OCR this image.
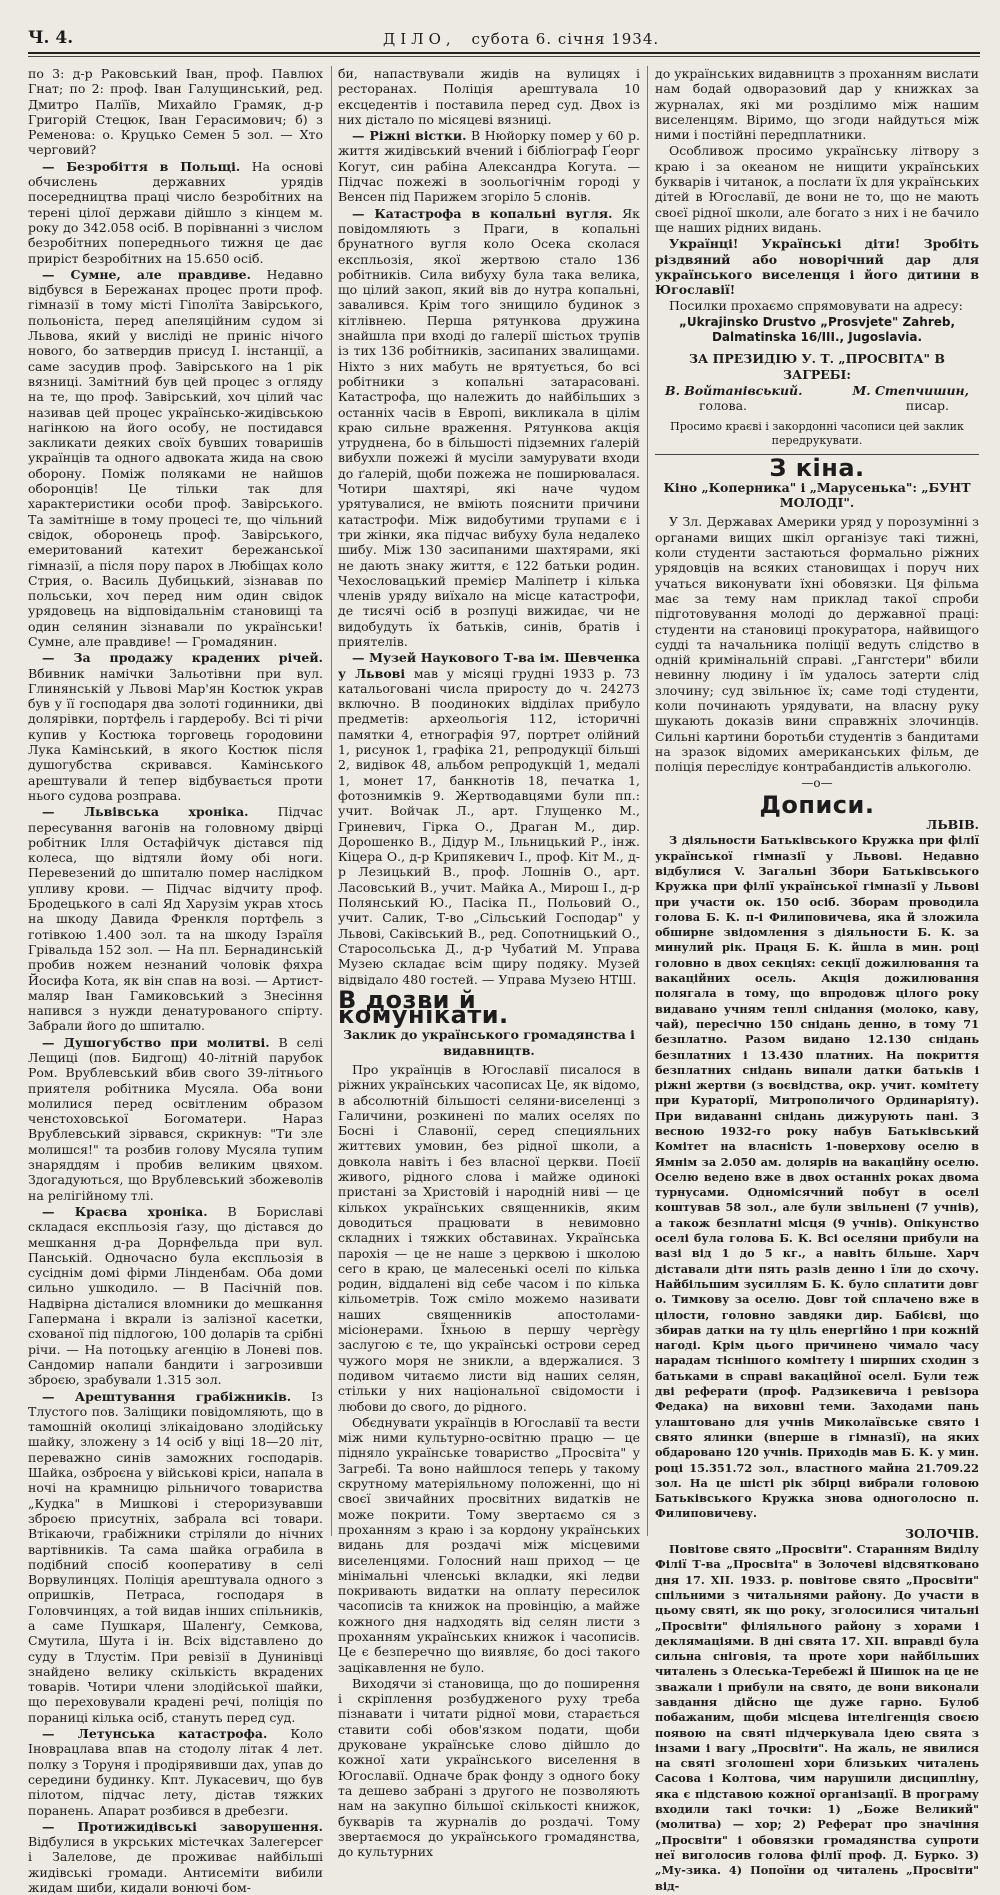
Ч. 4.	ДІЛО, субота 6. січня 1934.

по 3: д-р Раковський Іван, проф. Павлюх Гнат; по 2: проф. Іван Галущинський, ред. Дмитро Палїїв, Михайло Грамяк, д-р Григорій Стецюк, Іван Герасимович; б) з Ременова: о. Круцько Семен 5 зол. — Хто черговий?

— Безробіття в Польщі. На основі обчислень державних урядів посередництва праці число безробітних на терені цілої держави дійшло з кінцем м. року до 342.058 осіб. В порівнанні з числом безробітних попереднього тижня це дає приріст безробітних на 15.650 осіб.

— Сумне, але правдиве. Недавно відбувся в Бережанах процес проти проф. гімназії в тому місті Гіполїта Завірського, польоніста, перед апеляційним судом зі Львова, який у висліді не приніс нічого нового, бо затвердив присуд І. інстанції, а саме засудив проф. Завірського на 1 рік вязниці. Замітний був цей процес з огляду на те, що проф. Завірський, хоч цілий час називав цей процес українсько-жидівською нагінкою на його особу, не постидався закликати деяких своїх бувших товаришів українців та одного адвоката жида на свою оборону. Поміж поляками не найшов оборонців! Це тільки так для характеристики особи проф. Завірського. Та замітніше в тому процесі те, що чільний свідок, оборонець проф. Завірського, емеритований катехит бережанської гімназії, а після пору парох в Любіщах коло Стрия, о. Василь Дубицький, зізнавав по польськи, хоч перед ним один свідок урядовець на відповідальнім становищі та один селянин зізнавали по українськи! Сумне, але правдиве! — Громадянин.

— За продажу крадених річей. Вбивник намічки Зальотівни при вул. Глинянській у Львові Мар'ян Костюк украв був у її господаря два золоті годинники, дві долярівки, портфель і гардеробу. Всі ті річи купив у Костюка торговець городовини Лука Камінський, в якого Костюк після душогубства скривався. Камінського арештували й тепер відбувається проти нього судова розправа.

— Львівська хроніка. Підчас пересування вагонів на головному двірці робітник Ілля Остафійчук дістався під колеса, що відтяли йому обі ноги. Перевезений до шпиталю помер наслідком упливу крови. — Підчас відчиту проф. Бродецького в салі Яд Харузім украв хтось на шкоду Давида Френкля портфель з готівкою 1.400 зол. та на шкоду Ізраїля Грівальда 152 зол. — На пл. Бернадинській пробив ножем незнаний чоловік фяхра Йосифа Кота, як він спав на возі. — Артист-маляр Іван Гамиковський з Знесіння напився з нужди денатурованого спірту. Забрали його до шпиталю.

— Душогубство при молитві. В селі Лещиці (пов. Бидгощ) 40-літній парубок Ром. Врублевський вбив свого 39-літнього приятеля робітника Мусяла. Обa вони молилися перед освітленим образом ченстоховської Богоматери. Нараз Врублевський зірвався, скрикнув: "Ти зле молишся!" та розбив голову Мусяла тупим знаряддям і пробив великим цвяхом. Здогадуються, що Врублевський збожеволів на релігійному тлі.

— Краєва хроніка. В Бориславі складася експльозія ґазу, що дістався до мешкання д-ра Дорнфельда при вул. Панській. Одночасно була експльозія в сусіднім домі фірми Лінденбам. Оба доми сильно ушкодило. — В Пасічній пов. Надвірна дісталися вломники до мешкання Гапермана і вкрали із залізної касетки, схованої під підлогою, 100 доларів та срібні річи. — На потоцьку агенцію в Лоневі пов. Сандомир напали бандити і загрозивши зброєю, зрабували 1.315 зол.

— Арештування грабіжників. Із Тлустого пов. Заліщики повідомляють, що в тамошній околиці злікаідовано злодійську шайку, зложену з 14 осіб у віці 18—20 літ, переважно синів заможних господарів. Шайка, озброєна у військові кріси, напала в ночі на крамницю рільничого товариства „Кудка" в Мишкові і стероризувавши зброєю присутніх, забрала всі товари. Втікаючи, грабіжники стріляли до нічних вартівників. Та сама шайка ограбила в подібний спосіб кооперативу в селі Ворвулинцях. Поліція арештувала одного з опришків, Петраса, господаря в Головчинцях, а той видав інших спільників, а саме Пушкаря, Шаленґу, Семкова, Смутила, Шута і ін. Всіх відставлено до суду в Тлустім. При ревізії в Дунинівці знайдено велику скількість вкрадених товарів. Чотири члени злодійської шайки, що переховували крадені речі, поліція по пораниці кілька осіб, стануть перед суд.

— Летунська катастрофа. Коло Іноврацлава впав на стодолу літак 4 лет. полку з Торуня і продірявивши дах, упав до середини будинку. Кпт. Лукасевич, що був пілотом, підчас лету, дістав тяжких поранень. Апарат розбився в дребезги.

— Протижидівські заворушення. Відбулися в укрських містечках Залегерсег і Залелове, де проживає найбільші жидівські громади. Антисеміти вибили жидам шиби, кидали вонючі бом-

би, напаствували жидів на вулицях і ресторанах. Поліція арештувала 10 ексцедентів і поставила перед суд. Двох із них дістало по місяцеві вязниці.

— Ріжні вістки. В Нюйорку помер у 60 р. життя жидівський вчений і бібліограф Ґеорг Когут, син рабіна Александра Когута. — Підчас пожежі в зоольогічнім городі у Венсен під Парижем згоріло 5 слонів.

— Катастрофа в копальні вугля. Як повідомляють з Праги, в копальні брунатного вугля коло Осека сколася експльозія, якої жертвою стало 136 робітників. Сила вибуху була така велика, що цілий закоп, який вів до нутра копальні, завалився. Крім того знищило будинок з кітлівнею. Перша рятункова дружина знайшла при вході до галерії шістьох трупів із тих 136 робітників, засипаних звалищами. Ніхто з них мабуть не врятується, бо всі робітники з копальні затарасовані. Катастрофа, що належить до найбільших з останніх часів в Европі, викликала в цілім краю сильне враження. Рятункова акція утруднена, бо в більшості підземних ґалерій вибухли пожежі й мусіли замурувати входи до ґалерій, щоби пожежа не поширювалася. Чотири шахтярі, які наче чудом урятувалися, не вміють пояснити причини катастрофи. Між видобутими трупами є і три жінки, яка підчас вибуху була недалеко шибу. Між 130 засипаними шахтярами, які не дають знаку життя, є 122 батьки родин. Чехословацький премієр Маліпетр і кілька членів уряду виїхало на місце катастрофи, де тисячі осіб в розпуці вижидає, чи не видобудуть їх батьків, синів, братів і приятелів.

— Музей Наукового Т-ва ім. Шевченка у Львові мав у місяці грудні 1933 р. 73 катальоговані числа приросту до ч. 24273 включно. В поодиноких відділах прибуло предметів: археольогія 112, історичні памятки 4, етнографія 97, портрет олійний 1, рисунок 1, графіка 21, репродукції більші 2, видівок 48, альбом репродукцій 1, медалі 1, монет 17, банкнотів 18, печатка 1, фотознимків 9. Жертводавцями були пп.: учит. Войчак Л., арт. Глущенко М., Гриневич, Гірка О., Драган М., дир. Дорошенко В., Дідур М., Ільницький Р., інж. Кіцера О., д-р Крипякевич І., проф. Кіт М., д-р Лезицький В., проф. Лошнів О., арт. Ласовський В., учит. Майка А., Мирош І., д-р Полянський Ю., Пасіка П., Польовий О., учит. Салик, Т-во „Сільський Господар" у Львові, Саківський В., ред. Сопотницький О., Старосольська Д., д-р Чубатий М. Управа Музею складає всім щиру подяку. Музей відвідало 480 гостей. — Управа Музею НТШ.

В дозви й комунікати.
Заклик до українського громадянства і видавництв.

Про українців в Югославії писалося в ріжних українських часописах Це, як відомо, в абсолютній більшості селяни-виселенці з Галичини, розкинені по малих оселях по Босні і Славонії, серед специяльних життєвих умовин, без рідної школи, а довкола навіть і без власної церкви. Поєії живого, рідного слова і майже одинокі пристані за Христовій і народній ниві — це кількох українських священників, яким доводиться працювати в невимовно складних і тяжких обставинах. Українська парохія — це не наше з церквою і школою сего в краю, це малесенькі оселі по кілька родин, віддалені від себе часом і по кілька кільометрів. Тож сміло можемо називати наших священників апостолами-місіонерами. Їхньою в першу черrègy заслугою є те, що українські острови серед чужого моря не зникли, а вдержалися. З подивом читаємо листи від наших селян, стільки у них національної свідомости і любови до свого, до рідного.

Обєднувати українців в Югославії та вести між ними культурно-освітню працю — це підняло українське товариство „Просвіта" у Загребі. Та воно найшлося теперь у такому скрутному матеріяльному положенні, що ні своєї звичайних просвітних видатків не може покрити. Тому звертаємо ся з проханням з краю і за кордону українських видань для роздачі між місцевими виселенцями. Голосний наш приход — це мінімальні членські вкладки, які ледви покривають видатки на оплату пересилок часописів та книжок на провінцію, а майже кожного дня надходять від селян листи з проханням українських книжок і часописів. Це є безперечно що виявляє, бо досі такого зацікавлення не було.

Виходячи зі становища, що до поширення і скріплення розбудженого руху треба пізнавати і читати рідної мови, старається ставити собі обов'язком подати, щоби друковане українське слово дійшло до кожної хати українського виселення в Югославії. Одначе брак фонду з одного боку та дешево забрані з другого не позволяють нам на закупно більшої скількості книжок, букварів та журналів до роздачі. Тому звертаємося до українського громадянства, до культурних

до українських видавництв з проханням вислати нам бодай одворазовий дар у книжках за журналах, які ми розділимо між нашим виселенцям. Віримо, що згоди найдуться між ними і постійні передплатники.

Особливож просимо українську літвору з краю і за океаном не нищити українських букварів і читанок, а послати їх для українських дітей в Югославії, де вони не то, що не мають своєї рідної школи, але богато з них і не бачило ще наших рідних видань.

Українці! Українські діти! Зробіть різдвяний або новорічний дар для українського виселенця і його дитини в Югославії!

Посилки прохаємо спрямовувати на адресу:

„Ukrajinsko Drustvo „Prosvjete" Zahreb, Dalmatinska 16/III., Jugoslavia.

ЗА ПРЕЗИДІЮ У. Т. „ПРОСВІТА" В ЗАГРЕБІ:

В. Войтанівський.	М. Степчишин,
голова.	писар.
Просимо краєві і закордонні часописи цей заклик передрукувати.
З кіна.
Кіно „Коперника" і „Марусенька": „БУНТ МОЛОДІ".

У Зл. Державах Америки уряд у порозумінні з органами вищих шкіл організує такі тижні, коли студенти застаються формально ріжних урядовців на всяких становищах і поруч них учаться виконувати їхні обовязки. Ця фільма має за тему нам приклад такої спроби підготовування молоді до державної праці: студенти на становиці прокуратора, найвищого судді та начальника поліції ведуть слідство в одній кримінальній справі. „Гангстери" вбили невинну людину і їм удалось затерти слід злочину; суд звільнює їх; саме тоді студенти, коли починають урядувати, на власну руку шукають доказів вини справжніх злочинців. Сильні картини боротьби студентів з бандитами на зразок відомих американських фільм, де поліція переслідує контрабандистів алькоголю.

—o—
Дописи.

ЛЬВІВ.

З діяльности Батьківського Кружка при філії української гімназії у Львові. Недавно відбулися V. Загальні Збори Батьківського Кружка при філії української гімназії у Львові при участи ок. 150 осіб. Зборам проводила голова Б. К. п-і Филиповичева, яка й зложила обширне звідомлення з діяльности Б. К. за минулий рік. Праця Б. К. йшла в мин. році головно в двох секціях: секції дожилювання та вакаційних осель. Акція дожилювання полягала в тому, що впродовж цілого року видавано учням теплі снідання (молоко, каву, чай), пересічно 150 снідань денно, в тому 71 безплатно. Разом видано 12.130 снідань безплатних і 13.430 платних. На покриття безплатних снідань випали датки батьків і ріжні жертви (з воєвідства, окр. учит. комітету при Кураторії, Митрополичого Ординаріяту). При видаванні снідань дижурують пані. З весною 1932-го року набув Батьківський Комітет на власність 1-поверхову оселю в Ямнім за 2.050 ам. долярів на вакаційну оселю. Оселю ведено вже в двох останніх роках двома турнусами. Одномісячний побут в оселі коштував 58 зол., але були звільнені (7 учнів), а також безплатні місця (9 учнів). Опікунство оселі була голова Б. К. Всі оселяни прибули на вазі від 1 до 5 кг., а навіть більше. Харч діставали діти пять разів денно і їли до схочу. Найбільшим зусиллям Б. К. було сплатити довг о. Тимкову за оселю. Довг той сплачено вже в цілости, головно завдяки дир. Бабієві, що збирав датки на ту ціль енергійно і при кожній нагоді. Крім цього причинено чимало часу нарадам тіснішого комітету і ширших сходин з батьками в справі вакаційної оселі. Були теж дві реферати (проф. Радзикевича і ревізора Федака) на виховні теми. Заходами пань улаштовано для учнів Миколаївське свято і свято ялинки (вперше в гімназії), на яких обдаровано 120 учнів. Приходів мав Б. К. у мин. році 15.351.72 зол., властного майна 21.709.22 зол. На це шісті рік збірці вибрали головою Батьківського Кружка знова одноголосно п. Филиповичеву.

ЗОЛОЧІВ.

Повітове свято „Просвіти". Старанням Виділу Філії Т-ва „Просвіта" в Золочеві відсвятковано дня 17. XII. 1933. р. повітове свято „Просвіти" спільними з читальнями району. До участи в цьому святі, як що року, зголосилися читальні „Просвіти" філіяльного району з хорами і деклямаціями. В днi свята 17. XII. вправді була сильна сніговія, та проте хори найбільших читалень з Олеська-Теребежі й Шишок на це не зважали і прибули на свято, де вони виконали завдання дійсно ще дуже гарно. Булоб побажаним, щоби місцева інтелігенція своєю появою на святі підчеркувала ідею свята з інзами і вагу „Просвіти". На жаль, не явилися на святі зголошені хори близьких читалень Сасова і Колтова, чим нарушили дисципліну, яка є підставою кожної організації. В програму входили такі точки: 1) „Боже Великий" (молитва) — хор; 2) Реферат про значіння „Просвіти" і обовязки громадянства супроти неї виголосив голова філії проф. Д. Бурко. 3) „Му-зика. 4) Попоїни од читалень „Просвіти" від-
